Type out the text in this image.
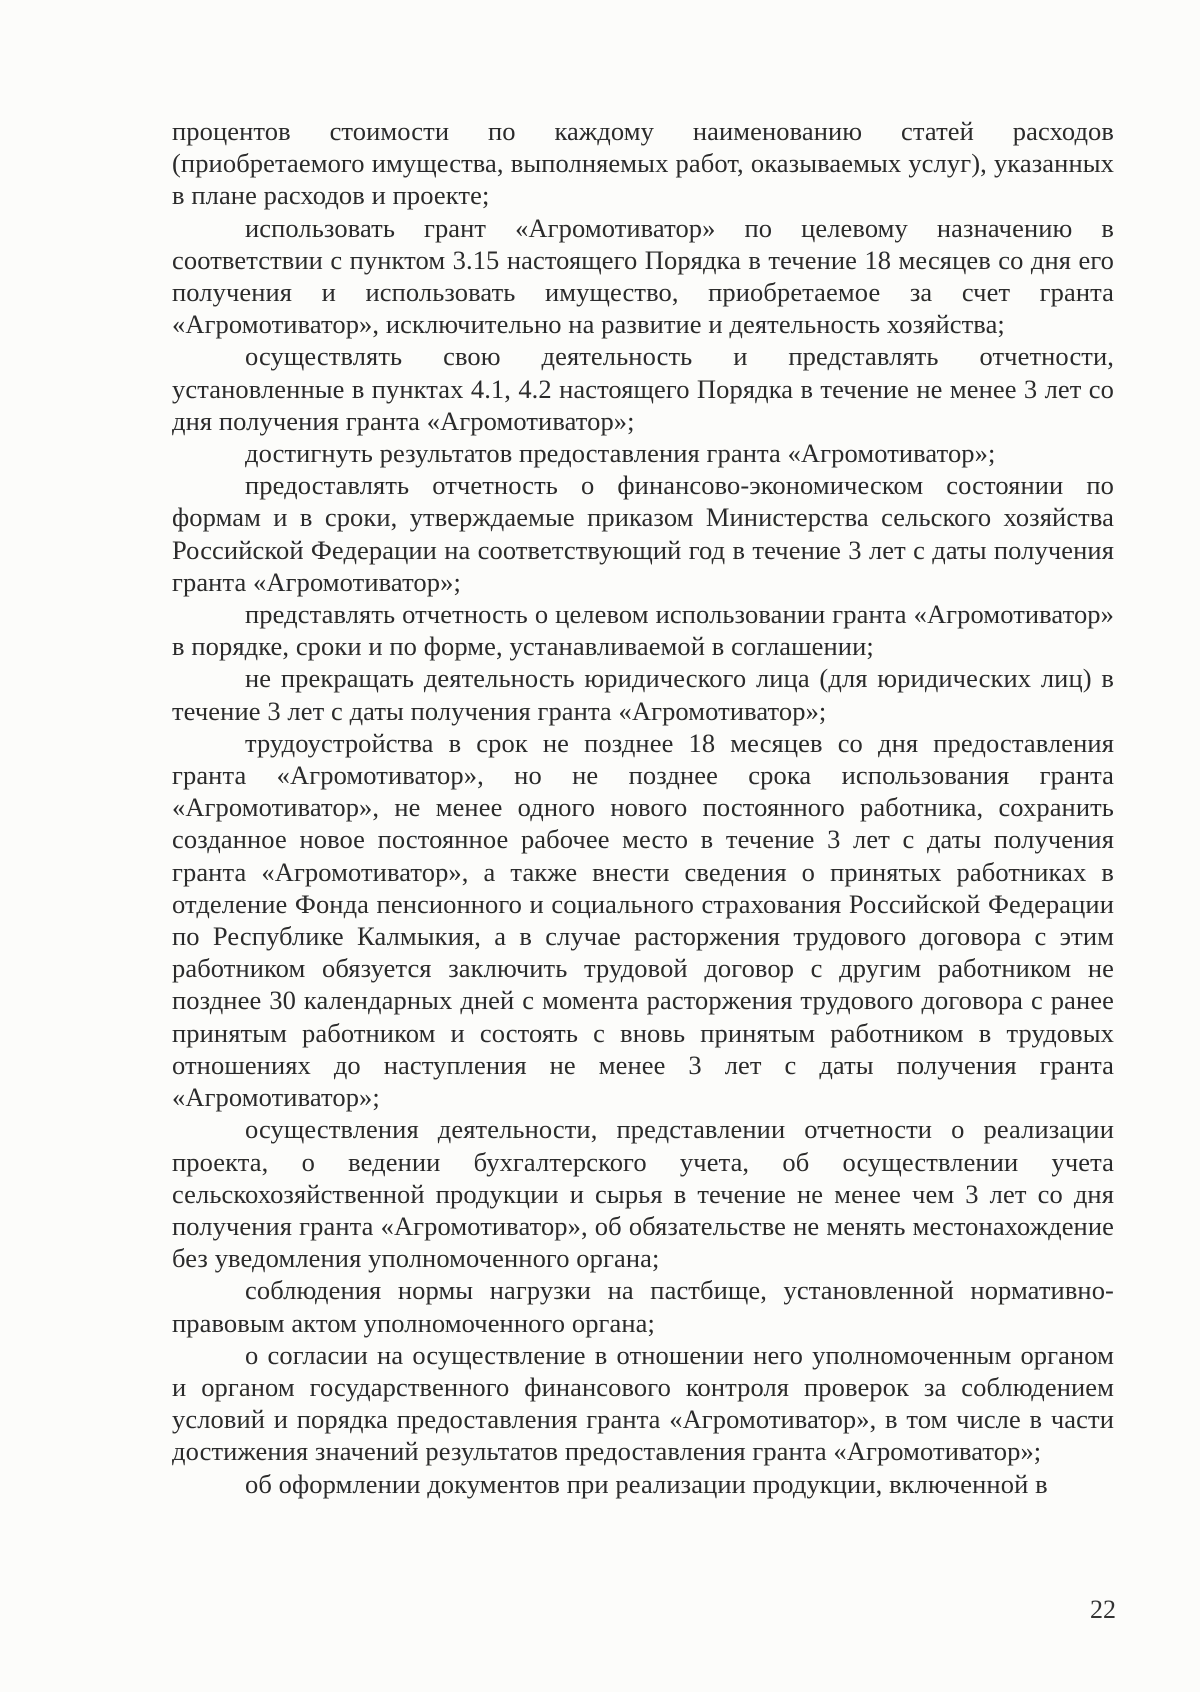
процентов стоимости по каждому наименованию статей расходов (приобретаемого имущества, выполняемых работ, оказываемых услуг), указанных в плане расходов и проекте;

использовать грант «Агромотиватор» по целевому назначению в соответствии с пунктом 3.15 настоящего Порядка в течение 18 месяцев со дня его получения и использовать имущество, приобретаемое за счет гранта «Агромотиватор», исключительно на развитие и деятельность хозяйства;

осуществлять свою деятельность и представлять отчетности, установленные в пунктах 4.1, 4.2 настоящего Порядка в течение не менее 3 лет со дня получения гранта «Агромотиватор»;

достигнуть результатов предоставления гранта «Агромотиватор»;

предоставлять отчетность о финансово-экономическом состоянии по формам и в сроки, утверждаемые приказом Министерства сельского хозяйства Российской Федерации на соответствующий год в течение 3 лет с даты получения гранта «Агромотиватор»;

представлять отчетность о целевом использовании гранта «Агромотиватор» в порядке, сроки и по форме, устанавливаемой в соглашении;

не прекращать деятельность юридического лица (для юридических лиц) в течение 3 лет с даты получения гранта «Агромотиватор»;

трудоустройства в срок не позднее 18 месяцев со дня предоставления гранта «Агромотиватор», но не позднее срока использования гранта «Агромотиватор», не менее одного нового постоянного работника, сохранить созданное новое постоянное рабочее место в течение 3 лет с даты получения гранта «Агромотиватор», а также внести сведения о принятых работниках в отделение Фонда пенсионного и социального страхования Российской Федерации по Республике Калмыкия, а в случае расторжения трудового договора с этим работником обязуется заключить трудовой договор с другим работником не позднее 30 календарных дней с момента расторжения трудового договора с ранее принятым работником и состоять с вновь принятым работником в трудовых отношениях до наступления не менее 3 лет с даты получения гранта «Агромотиватор»;

осуществления деятельности, представлении отчетности о реализации проекта, о ведении бухгалтерского учета, об осуществлении учета сельскохозяйственной продукции и сырья в течение не менее чем 3 лет со дня получения гранта «Агромотиватор», об обязательстве не менять местонахождение без уведомления уполномоченного органа;

соблюдения нормы нагрузки на пастбище, установленной нормативно-правовым актом уполномоченного органа;

о согласии на осуществление в отношении него уполномоченным органом и органом государственного финансового контроля проверок за соблюдением условий и порядка предоставления гранта «Агромотиватор», в том числе в части достижения значений результатов предоставления гранта «Агромотиватор»;

об оформлении документов при реализации продукции, включенной в

22
